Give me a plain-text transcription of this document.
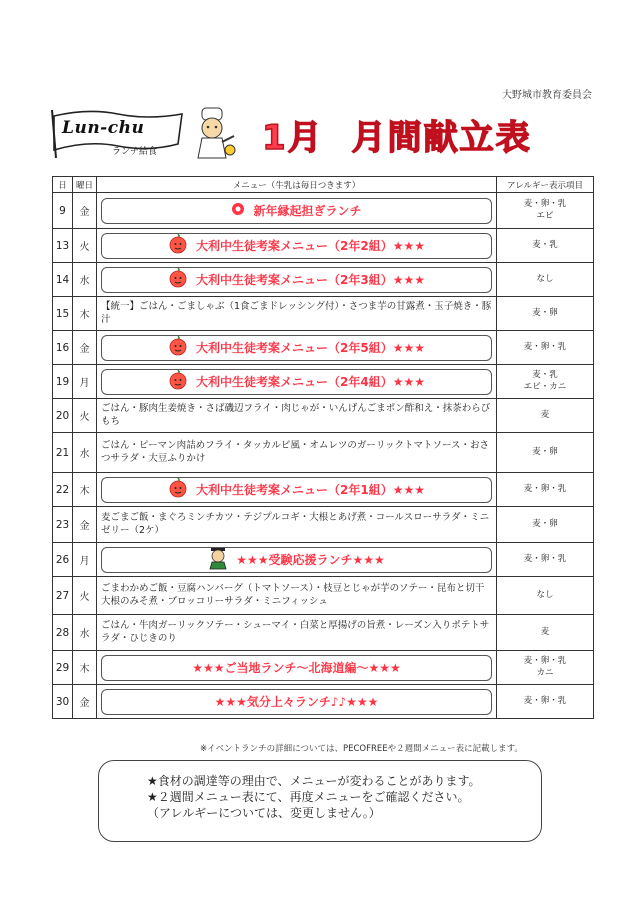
大野城市教育委員会
Lun-chu
ランチ給食	1月 月間献立表
日	曜日	メニュー（牛乳は毎日つきます）	アレルギー表示項目
9	金	新年縁起担ぎランチ	麦・卵・乳
エビ
13	火	大利中生徒考案メニュー（2年2組）★★★	麦・乳
14	水	大利中生徒考案メニュー（2年3組）★★★	なし
15	木	【統一】ごはん・ごましゃぶ（1食ごまドレッシング付）・さつま芋の甘露煮・玉子焼き・豚汁	麦・卵
16	金	大利中生徒考案メニュー（2年5組）★★★	麦・卵・乳
19	月	大利中生徒考案メニュー（2年4組）★★★	麦・乳
エビ・カニ
20	火	ごはん・豚肉生姜焼き・さば磯辺フライ・肉じゃが・いんげんごまポン酢和え・抹茶わらびもち	麦
21	水	ごはん・ピーマン肉詰めフライ・タッカルビ風・オムレツのガーリックトマトソース・おさつサラダ・大豆ふりかけ	麦・卵
22	木	大利中生徒考案メニュー（2年1組）★★★	麦・卵・乳
23	金	麦ごまご飯・まぐろミンチカツ・テジプルコギ・大根とあげ煮・コールスローサラダ・ミニゼリー（2ケ）	麦・卵
26	月	★★★受験応援ランチ★★★	麦・卵・乳
27	火	ごまわかめご飯・豆腐ハンバーグ（トマトソース）・枝豆とじゃが芋のソテー・昆布と切干大根のみそ煮・ブロッコリーサラダ・ミニフィッシュ	なし
28	水	ごはん・牛肉ガーリックソテー・シューマイ・白菜と厚揚げの旨煮・レーズン入りポテトサラダ・ひじきのり	麦
29	木	★★★ご当地ランチ～北海道編～★★★	麦・卵・乳
カニ
30	金	★★★気分上々ランチ♪♪★★★	麦・卵・乳
※イベントランチの詳細については、PECOFREEや２週間メニュー表に記載します。
★食材の調達等の理由で、メニューが変わることがあります。
★２週間メニュー表にて、再度メニューをご確認ください。
（アレルギーについては、変更しません。）
